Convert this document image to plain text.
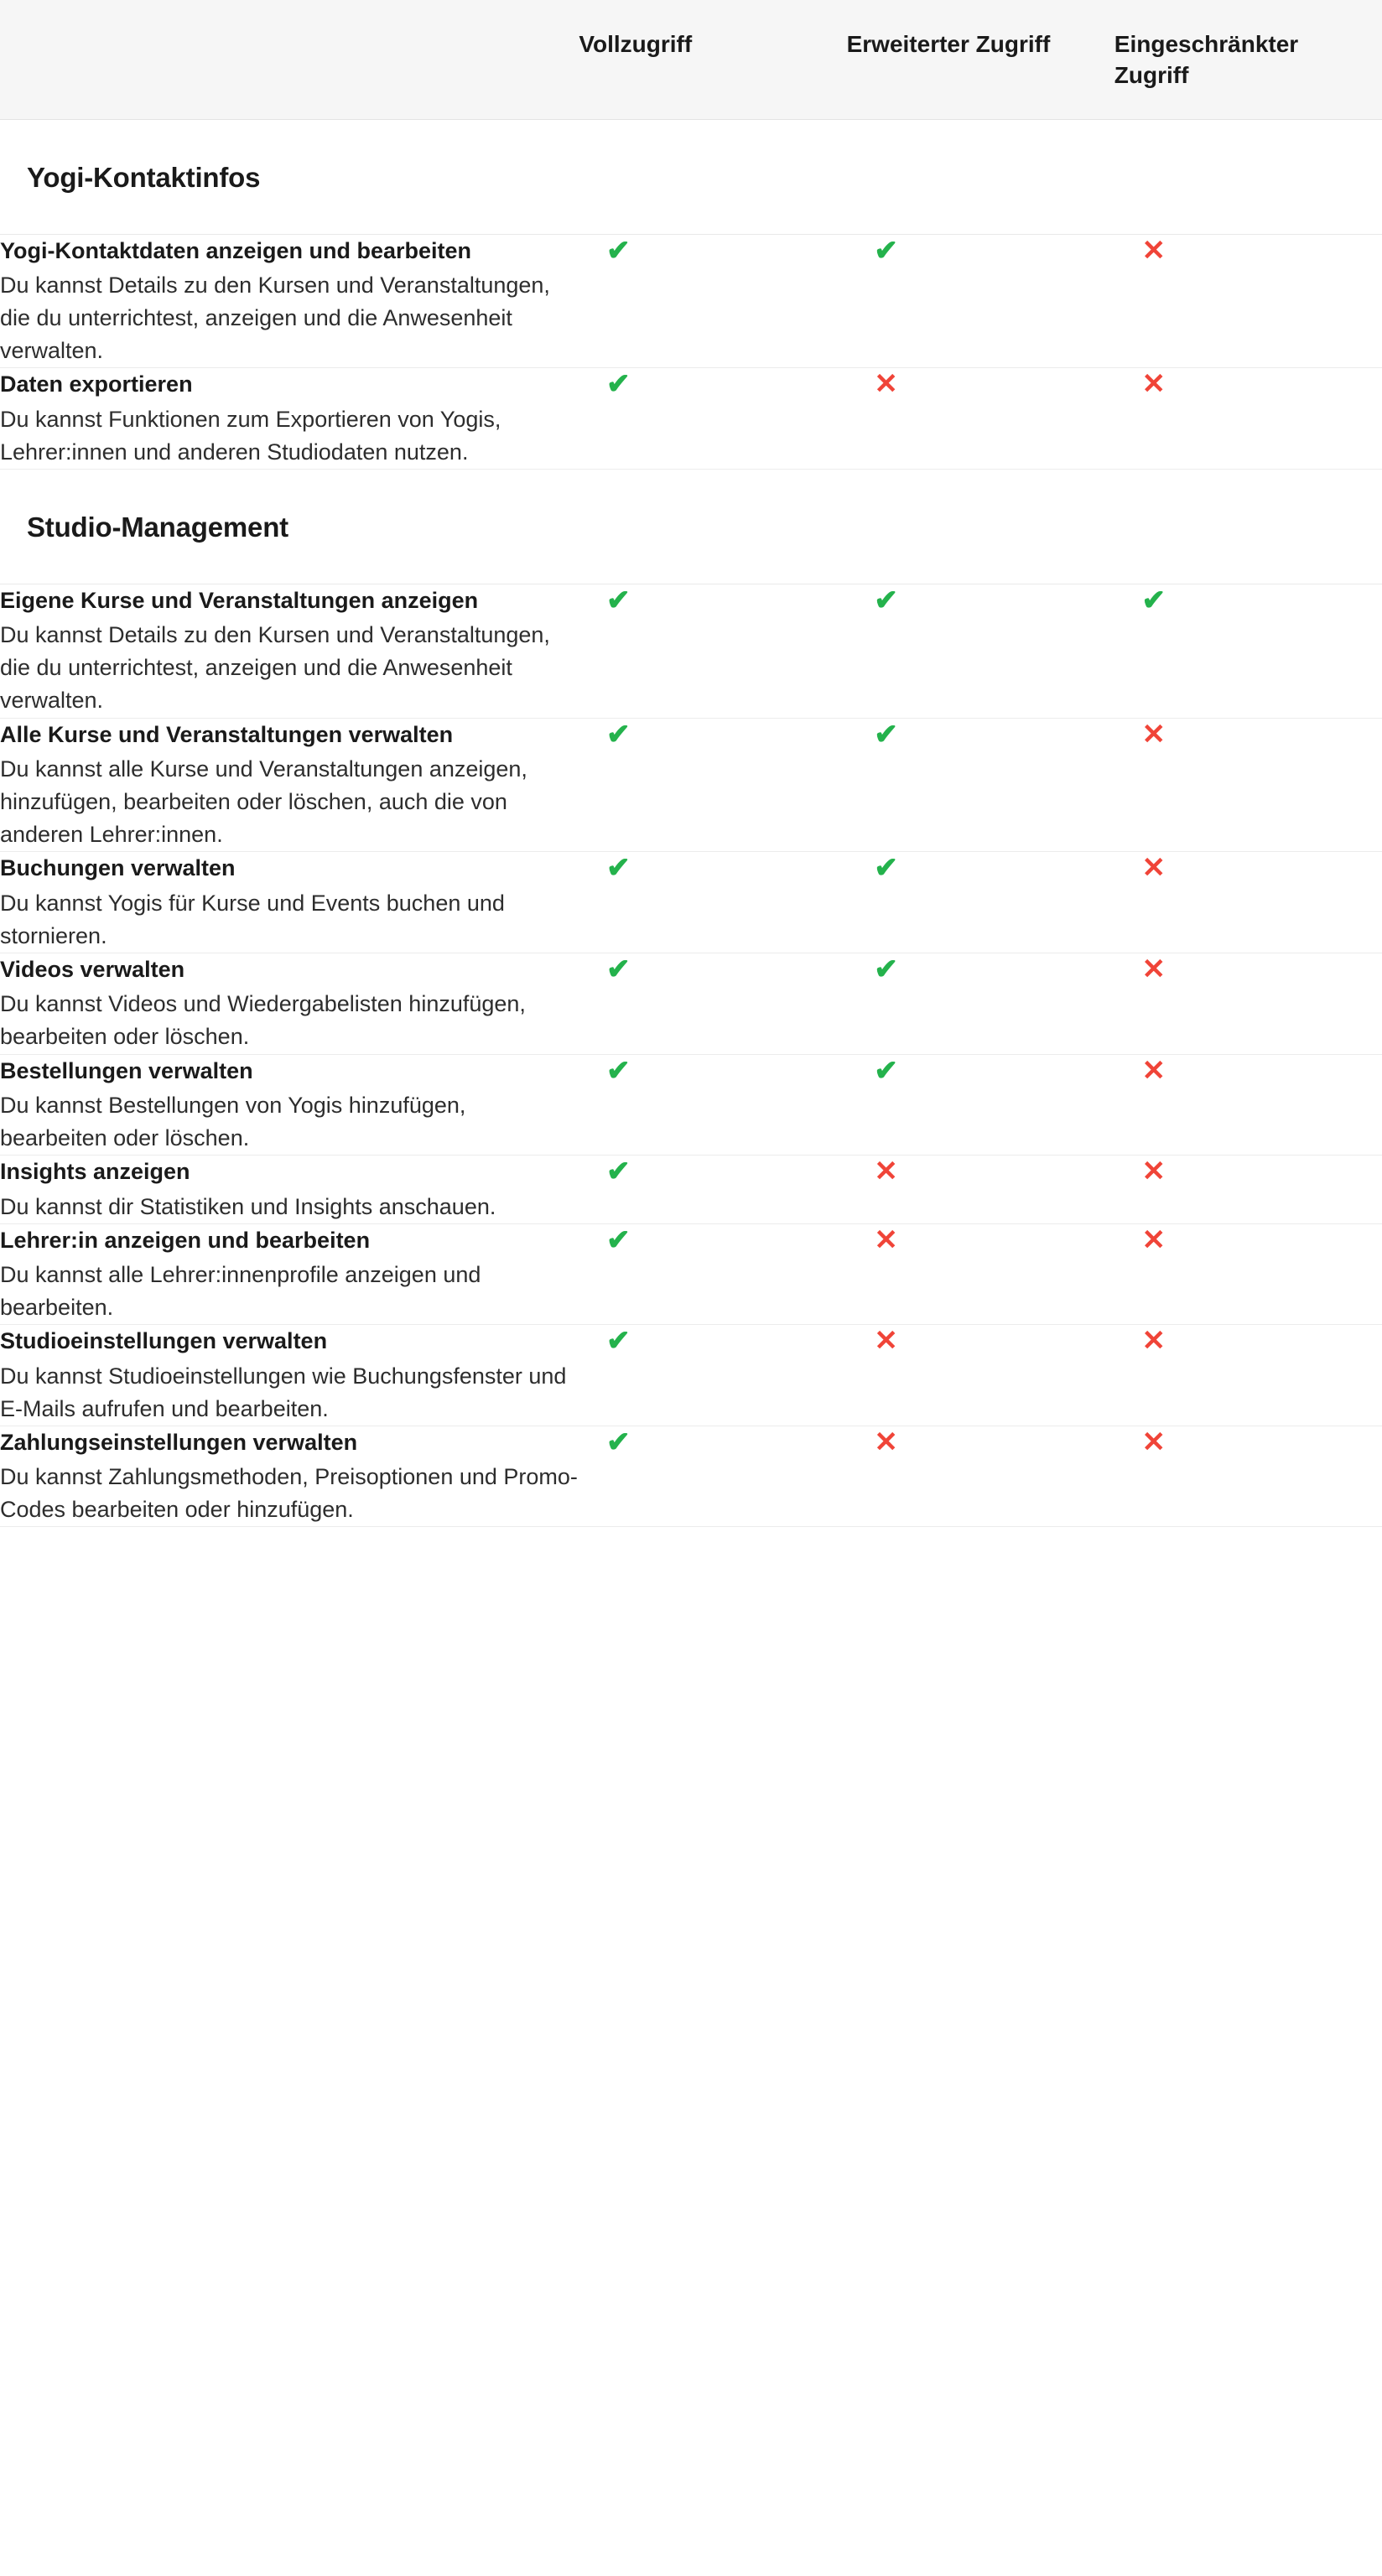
	Vollzugriff	Erweiterter Zugriff	Eingeschränkter Zugriff

Yogi-Kontaktinfos			

Yogi-Kontaktdaten anzeigen und bearbeiten

Du kannst Details zu den Kursen und Veranstaltungen, die du unterrichtest, anzeigen und die Anwesenheit verwalten.	✔	✔	✕

Daten exportieren

Du kannst Funktionen zum Exportieren von Yogis, Lehrer:innen und anderen Studiodaten nutzen.	✔	✕	✕

Studio-Management			

Eigene Kurse und Veranstaltungen anzeigen

Du kannst Details zu den Kursen und Veranstaltungen, die du unterrichtest, anzeigen und die Anwesenheit verwalten.	✔	✔	✔

Alle Kurse und Veranstaltungen verwalten

Du kannst alle Kurse und Veranstaltungen anzeigen, hinzufügen, bearbeiten oder löschen, auch die von anderen Lehrer:innen.	✔	✔	✕

Buchungen verwalten

Du kannst Yogis für Kurse und Events buchen und stornieren.	✔	✔	✕

Videos verwalten

Du kannst Videos und Wiedergabelisten hinzufügen, bearbeiten oder löschen.	✔	✔	✕

Bestellungen verwalten

Du kannst Bestellungen von Yogis hinzufügen, bearbeiten oder löschen.	✔	✔	✕

Insights anzeigen

Du kannst dir Statistiken und Insights anschauen.	✔	✕	✕

Lehrer:in anzeigen und bearbeiten

Du kannst alle Lehrer:innenprofile anzeigen und bearbeiten.	✔	✕	✕

Studioeinstellungen verwalten

Du kannst Studioeinstellungen wie Buchungsfenster und E-Mails aufrufen und bearbeiten.	✔	✕	✕

Zahlungseinstellungen verwalten

Du kannst Zahlungsmethoden, Preisoptionen und Promo-Codes bearbeiten oder hinzufügen.	✔	✕	✕
